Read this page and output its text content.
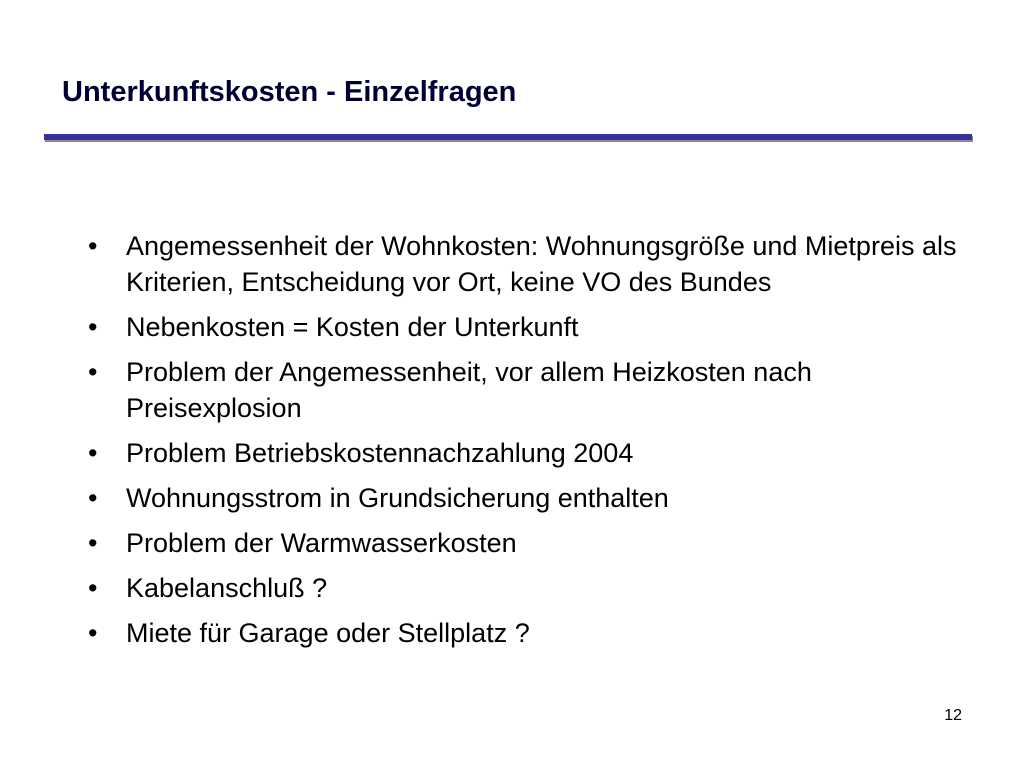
Unterkunftskosten - Einzelfragen
• Angemessenheit der Wohnkosten: Wohnungsgröße und Mietpreis als Kriterien, Entscheidung vor Ort, keine VO des Bundes
• Nebenkosten = Kosten der Unterkunft
• Problem der Angemessenheit, vor allem Heizkosten nach Preisexplosion
• Problem Betriebskostennachzahlung 2004
• Wohnungsstrom in Grundsicherung enthalten
• Problem der Warmwasserkosten
• Kabelanschluß ?
• Miete für Garage oder Stellplatz ?
12
